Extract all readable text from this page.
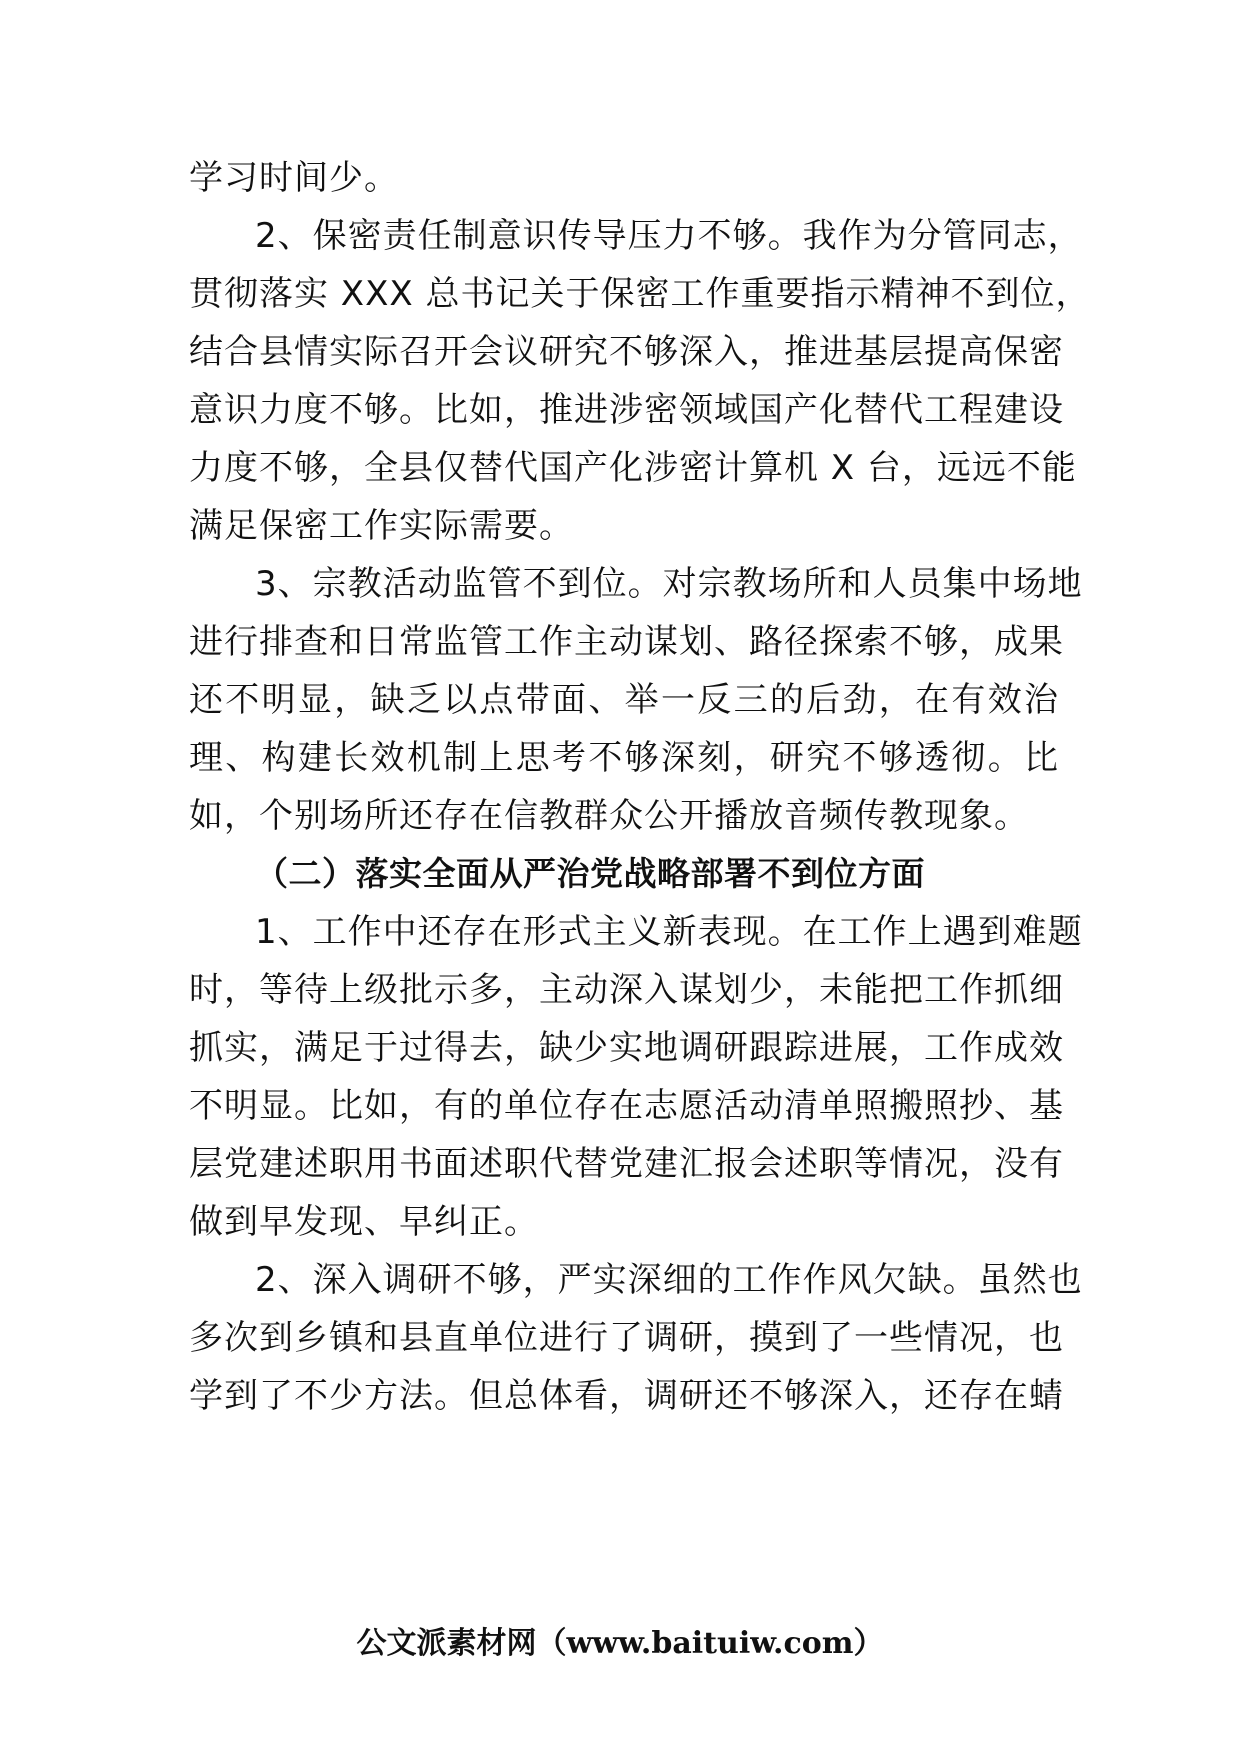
学习时间少。
2、保密责任制意识传导压力不够。我作为分管同志，
贯彻落实 XXX 总书记关于保密工作重要指示精神不到位，
结合县情实际召开会议研究不够深入，推进基层提高保密
意识力度不够。比如，推进涉密领域国产化替代工程建设
力度不够，全县仅替代国产化涉密计算机 X 台，远远不能
满足保密工作实际需要。
3、宗教活动监管不到位。对宗教场所和人员集中场地
进行排查和日常监管工作主动谋划、路径探索不够，成果
还不明显，缺乏以点带面、举一反三的后劲，在有效治
理、构建长效机制上思考不够深刻，研究不够透彻。比
如，个别场所还存在信教群众公开播放音频传教现象。
（二）落实全面从严治党战略部署不到位方面
1、工作中还存在形式主义新表现。在工作上遇到难题
时，等待上级批示多，主动深入谋划少，未能把工作抓细
抓实，满足于过得去，缺少实地调研跟踪进展，工作成效
不明显。比如，有的单位存在志愿活动清单照搬照抄、基
层党建述职用书面述职代替党建汇报会述职等情况，没有
做到早发现、早纠正。
2、深入调研不够，严实深细的工作作风欠缺。虽然也
多次到乡镇和县直单位进行了调研，摸到了一些情况，也
学到了不少方法。但总体看，调研还不够深入，还存在蜻
公文派素材网（www.baituiw.com）
